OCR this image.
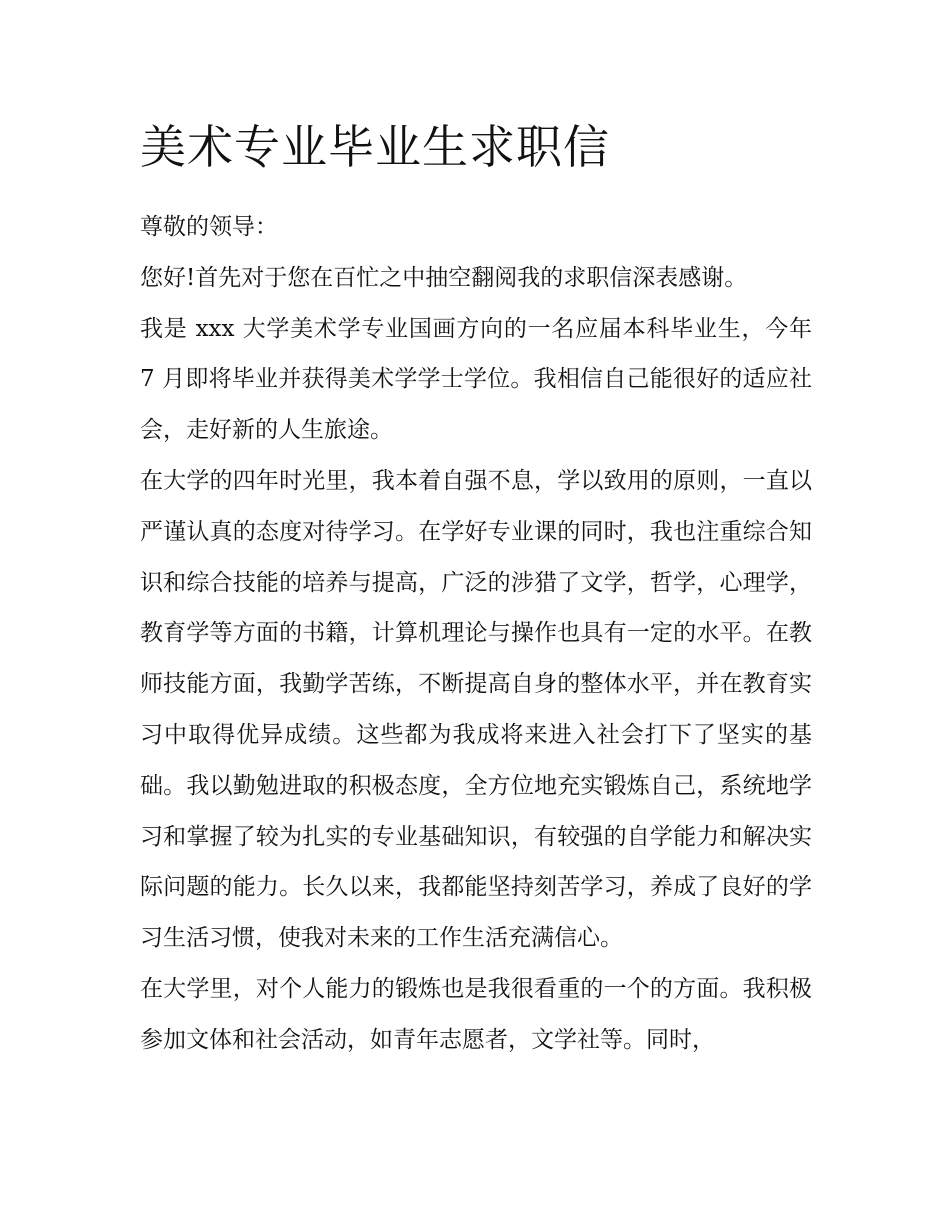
美术专业毕业生求职信

尊敬的领导：

您好!首先对于您在百忙之中抽空翻阅我的求职信深表感谢。

我是 xxx 大学美术学专业国画方向的一名应届本科毕业生，今年 7 月即将毕业并获得美术学学士学位。我相信自己能很好的适应社会，走好新的人生旅途。

在大学的四年时光里，我本着自强不息，学以致用的原则，一直以严谨认真的态度对待学习。在学好专业课的同时，我也注重综合知识和综合技能的培养与提高，广泛的涉猎了文学，哲学，心理学，教育学等方面的书籍，计算机理论与操作也具有一定的水平。在教师技能方面，我勤学苦练，不断提高自身的整体水平，并在教育实习中取得优异成绩。这些都为我成将来进入社会打下了坚实的基础。我以勤勉进取的积极态度，全方位地充实锻炼自己，系统地学习和掌握了较为扎实的专业基础知识，有较强的自学能力和解决实际问题的能力。长久以来，我都能坚持刻苦学习，养成了良好的学习生活习惯，使我对未来的工作生活充满信心。

在大学里，对个人能力的锻炼也是我很看重的一个的方面。我积极参加文体和社会活动，如青年志愿者，文学社等。同时，
